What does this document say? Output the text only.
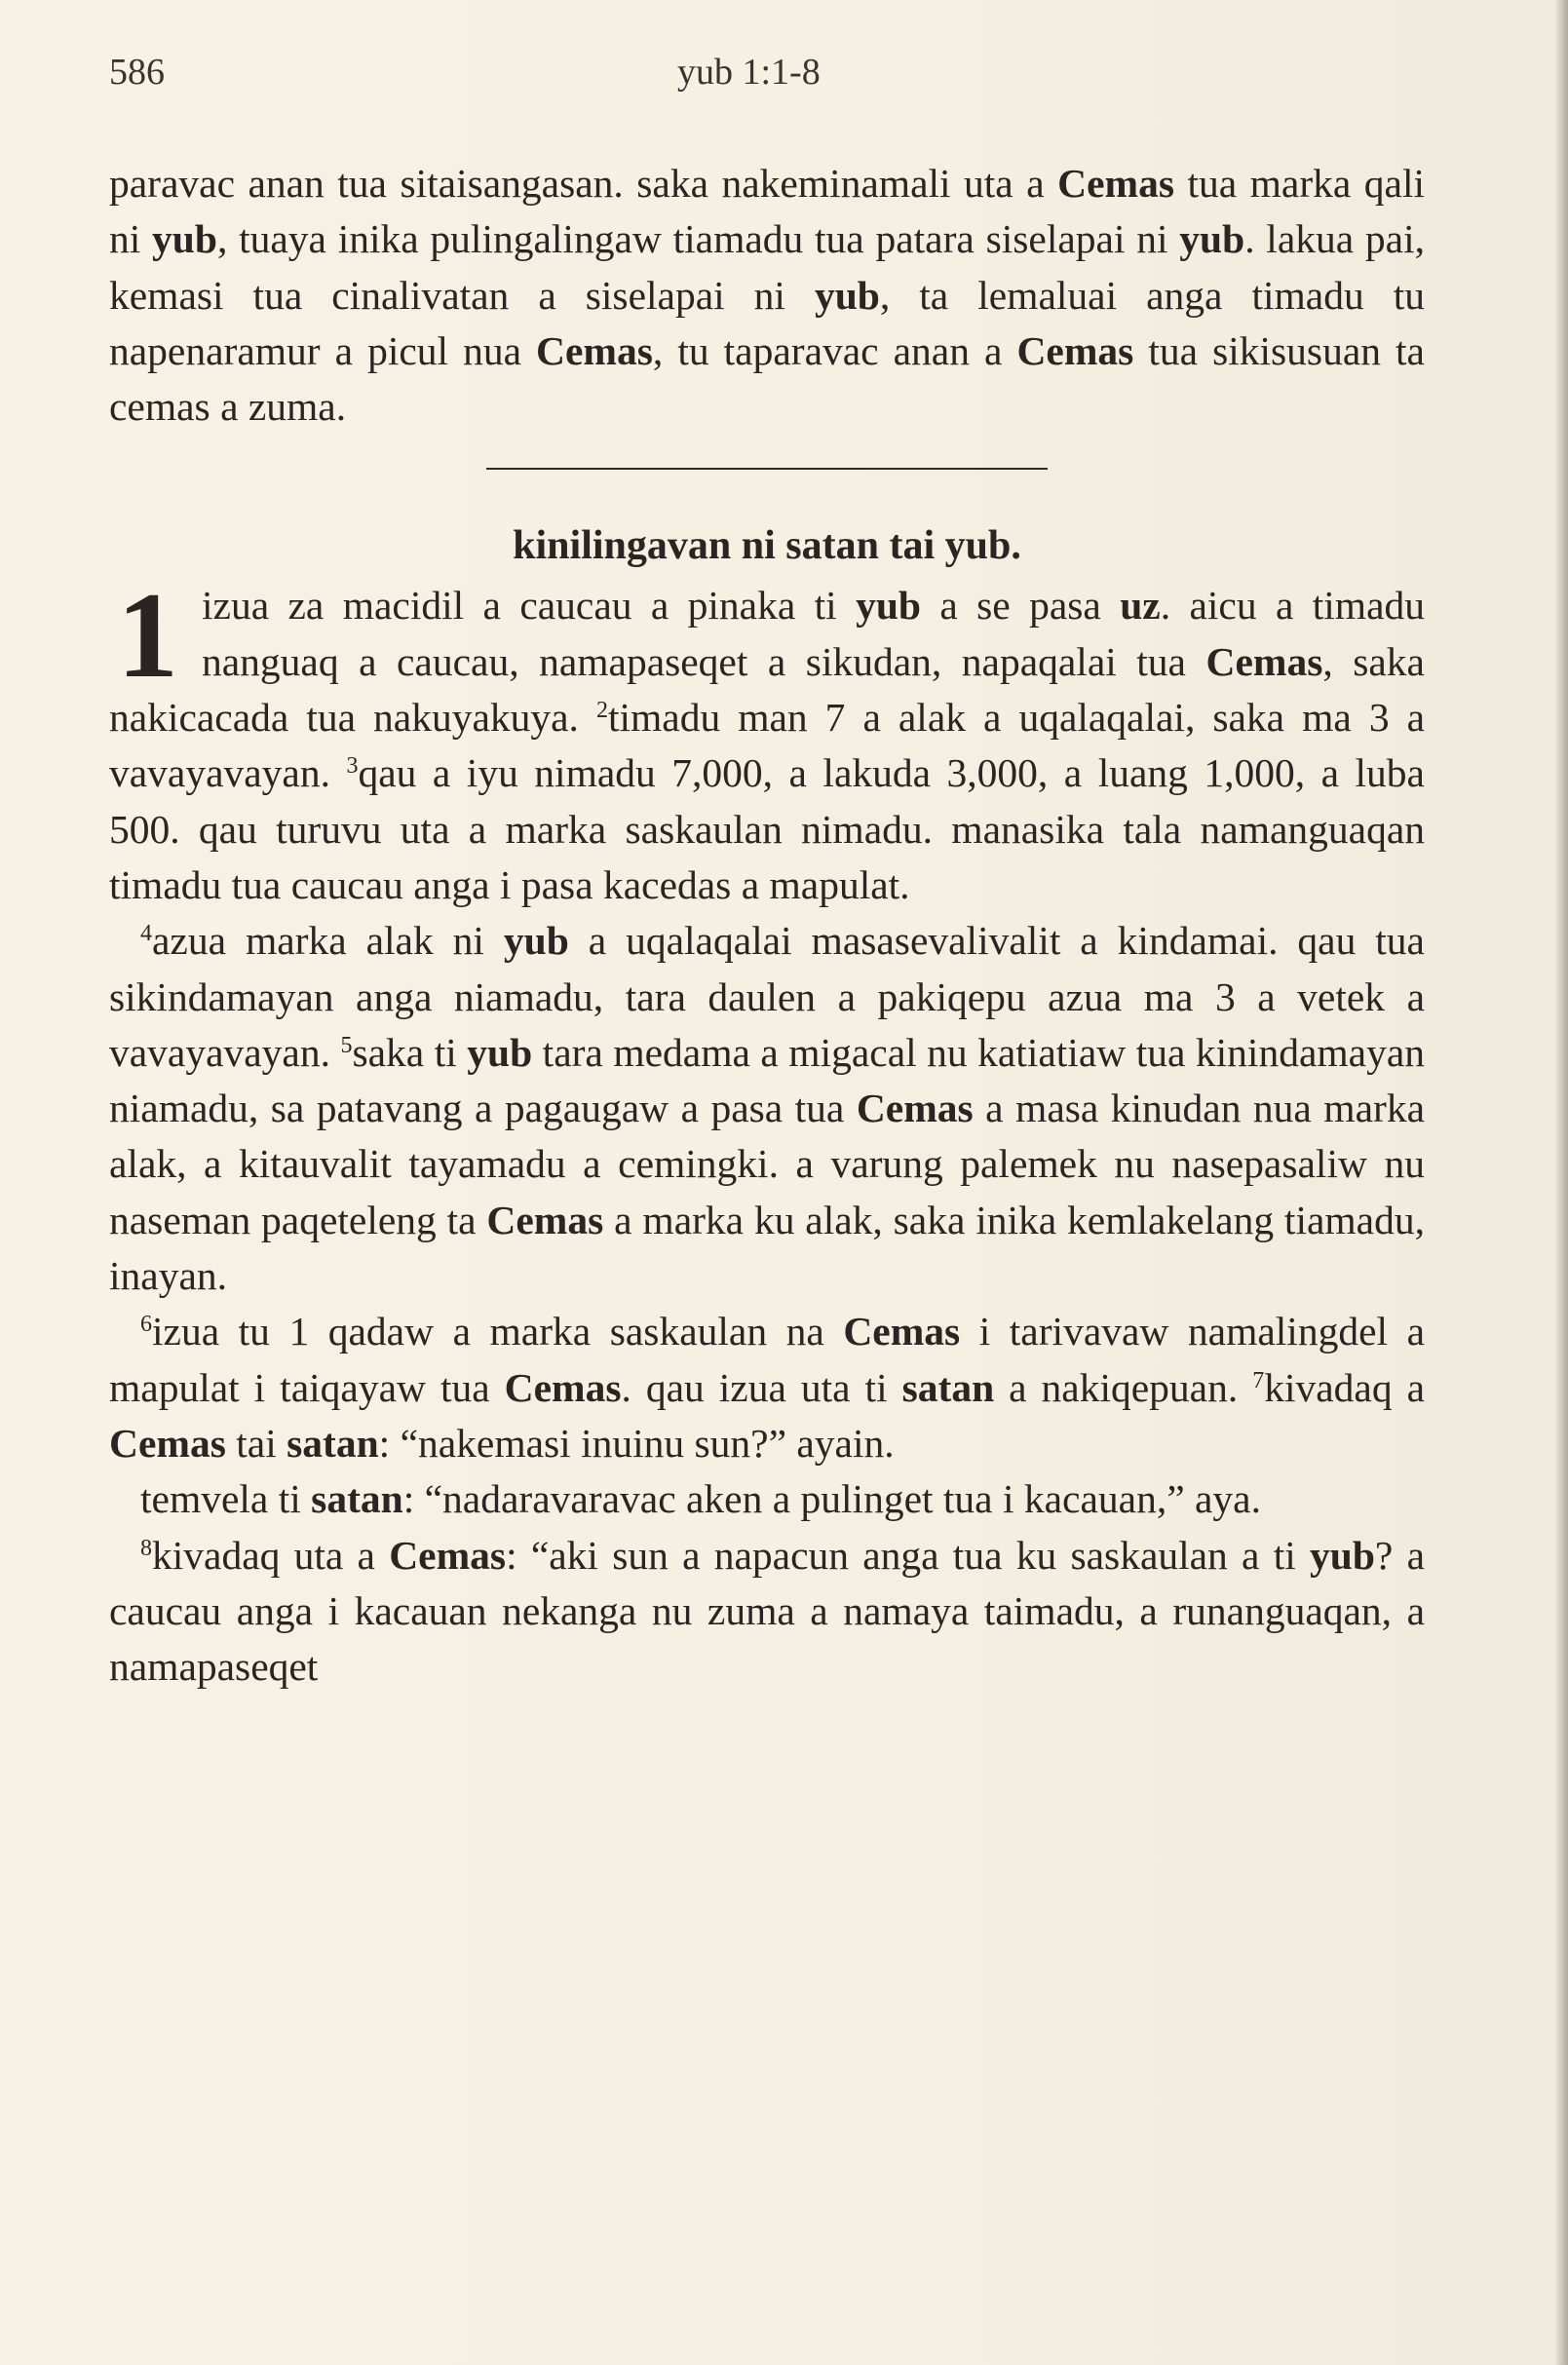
586	yub 1:1-8

paravac anan tua sitaisangasan. saka nakeminamali uta a Cemas tua marka qali ni yub, tuaya inika pulingalingaw tiamadu tua patara siselapai ni yub. lakua pai, kemasi tua cinalivatan a siselapai ni yub, ta lemaluai anga timadu tu napenaramur a picul nua Cemas, tu taparavac anan a Cemas tua sikisusuan ta cemas a zuma.

kinilingavan ni satan tai yub.

1 izua za macidil a caucau a pinaka ti yub a se pasa uz. aicu a timadu nanguaq a caucau, namapaseqet a sikudan, napaqalai tua Cemas, saka nakicacada tua nakuyakuya. $^2$timadu man 7 a alak a uqalaqalai, saka ma 3 a vavayavayan. $^3$qau a iyu nimadu 7,000, a lakuda 3,000, a luang 1,000, a luba 500. qau turuvu uta a marka saskaulan nimadu. manasika tala namanguaqan timadu tua caucau anga i pasa kacedas a mapulat.

$^4$azua marka alak ni yub a uqalaqalai masasevalivalit a kindamai. qau tua sikindamayan anga niamadu, tara daulen a pakiqepu azua ma 3 a vetek a vavayavayan. $^5$saka ti yub tara medama a migacal nu katiatiaw tua kinindamayan niamadu, sa patavang a pagaugaw a pasa tua Cemas a masa kinudan nua marka alak, a kitauvalit tayamadu a cemingki. a varung palemek nu nasepasaliw nu naseman paqeteleng ta Cemas a marka ku alak, saka inika kemlakelang tiamadu, inayan.

$^6$izua tu 1 qadaw a marka saskaulan na Cemas i tarivavaw namalingdel a mapulat i taiqayaw tua Cemas. qau izua uta ti satan a nakiqepuan. $^7$kivadaq a Cemas tai satan: “nakemasi inuinu sun?” ayain.

temvela ti satan: “nadaravaravac aken a pulinget tua i kacauan,” aya.

$^8$kivadaq uta a Cemas: “aki sun a napacun anga tua ku saskaulan a ti yub? a caucau anga i kacauan nekanga nu zuma a namaya taimadu, a runanguaqan, a namapaseqet
